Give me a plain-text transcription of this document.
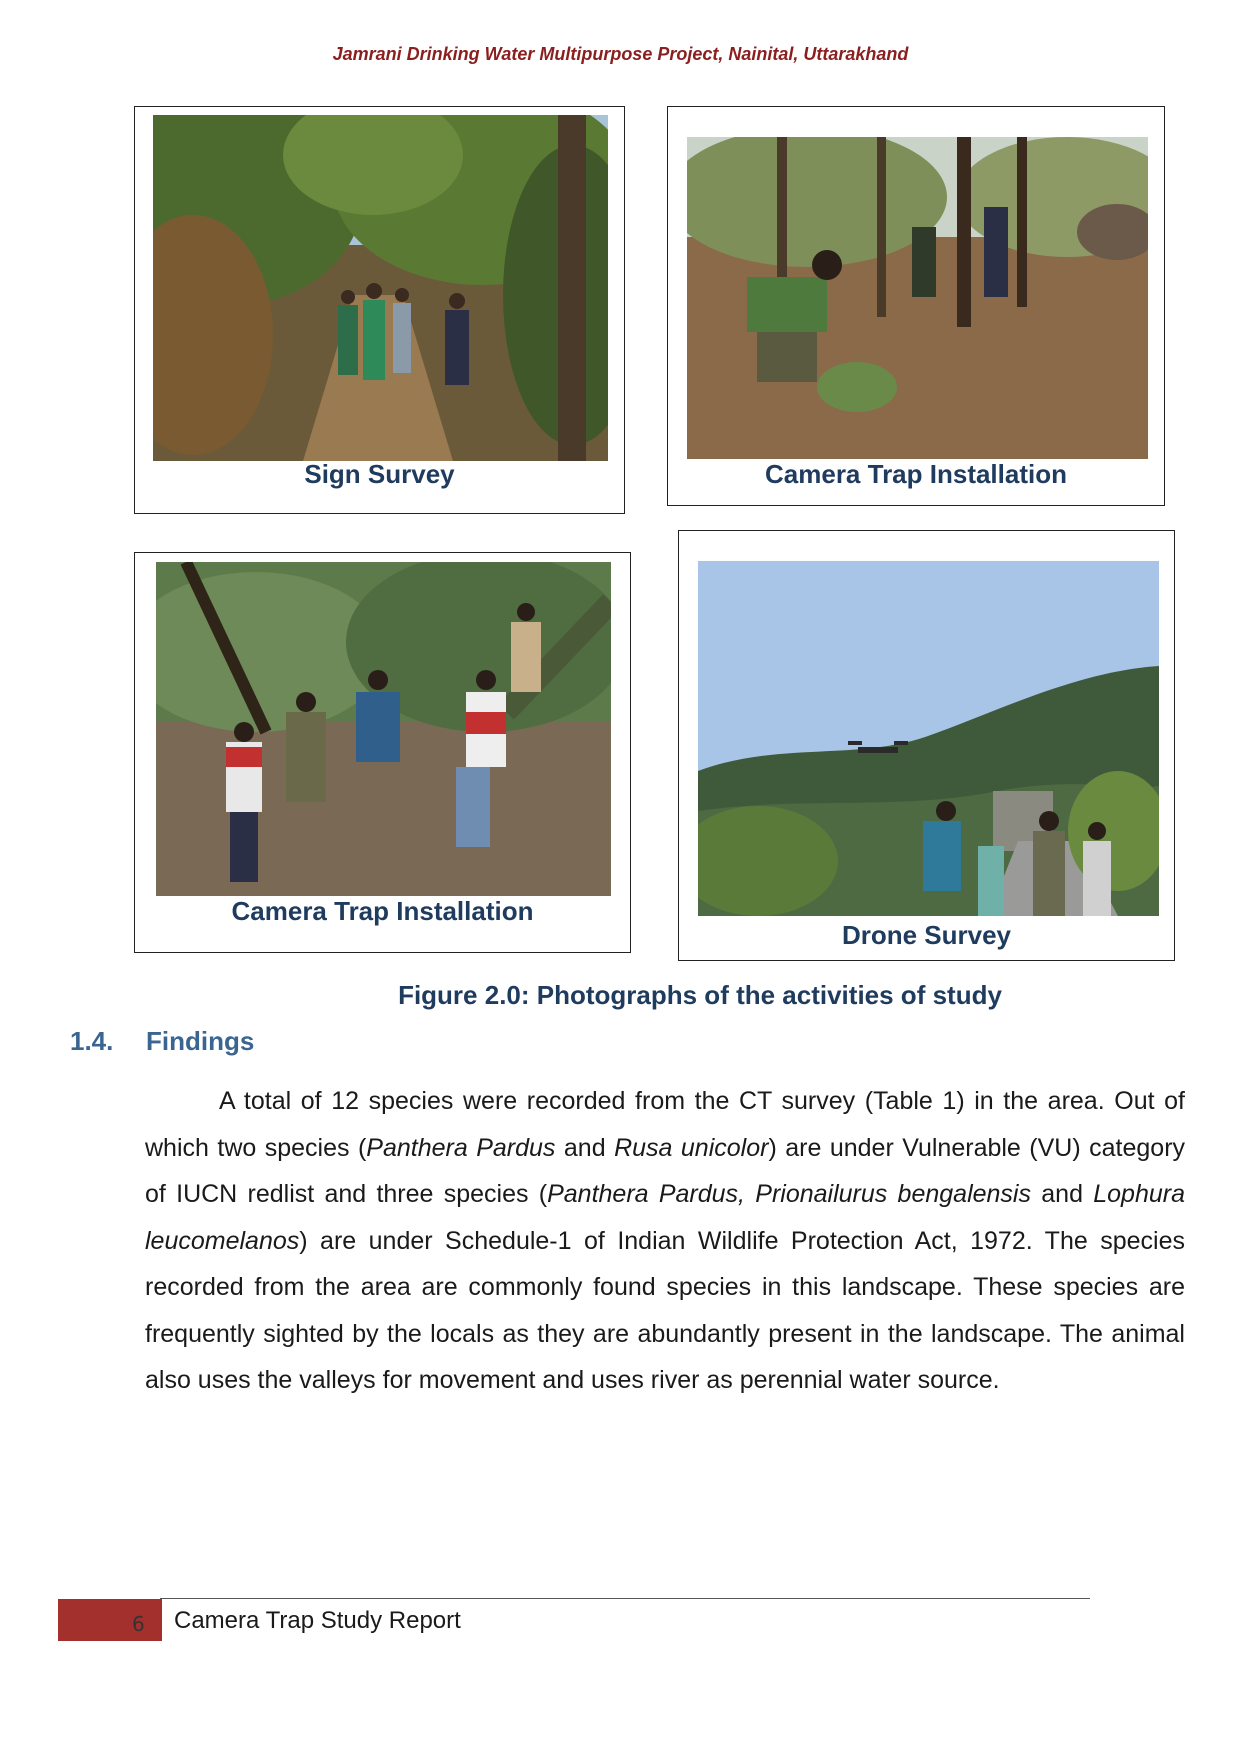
Jamrani Drinking Water Multipurpose Project, Nainital, Uttarakhand
Sign Survey	Camera Trap Installation
Camera Trap Installation
Drone Survey
Figure 2.0: Photographs of the activities of study
1.4. Findings

A total of 12 species were recorded from the CT survey (Table 1) in the area. Out of which two species (Panthera Pardus and Rusa unicolor) are under Vulnerable (VU) category of IUCN redlist and three species (Panthera Pardus, Prionailurus bengalensis and Lophura leucomelanos) are under Schedule-1 of Indian Wildlife Protection Act, 1972. The species recorded from the area are commonly found species in this landscape. These species are frequently sighted by the locals as they are abundantly present in the landscape. The animal also uses the valleys for movement and uses river as perennial water source.

6 Camera Trap Study Report
